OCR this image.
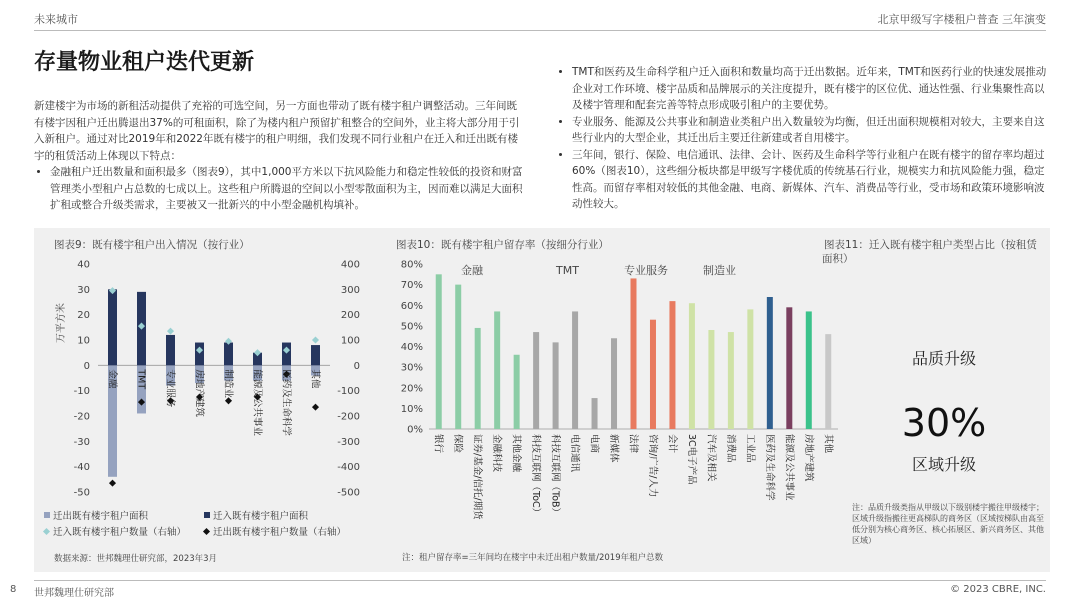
未来城市	北京甲级写字楼租户普查 三年演变
存量物业租户迭代更新
新建楼宇为市场的新租活动提供了充裕的可选空间，另一方面也带动了既有楼宇租户调整活动。三年间既有楼宇因租户迁出腾退出37%的可租面积，除了为楼内租户预留扩租整合的空间外，业主将大部分用于引入新租户。通过对比2019年和2022年既有楼宇的租户明细，我们发现不同行业租户在迁入和迁出既有楼宇的租赁活动上体现以下特点：
• 金融租户迁出数量和面积最多（图表9），其中1,000平方米以下抗风险能力和稳定性较低的投资和财富管理类小型租户占总数的七成以上。这些租户所腾退的空间以小型零散面积为主，因而难以满足大面积扩租或整合升级类需求，主要被又一批新兴的中小型金融机构填补。
• TMT和医药及生命科学租户迁入面积和数量均高于迁出数据。近年来，TMT和医药行业的快速发展推动企业对工作环境、楼宇品质和品牌展示的关注度提升，既有楼宇的区位优、通达性强、行业集聚性高以及楼宇管理和配套完善等特点形成吸引租户的主要优势。
• 专业服务、能源及公共事业和制造业类租户出入数量较为均衡，但迁出面积规模相对较大，主要来自这些行业内的大型企业，其迁出后主要迁往新建或者自用楼宇。
• 三年间，银行、保险、电信通讯、法律、会计、医药及生命科学等行业租户在既有楼宇的留存率均超过60%（图表10），这些细分板块都是甲级写字楼优质的传统基石行业，规模实力和抗风险能力强，稳定性高。而留存率相对较低的其他金融、电商、新媒体、汽车、消费品等行业，受市场和政策环境影响波动性较大。
图表9：既有楼宇租户出入情况（按行业）
万平方米
40
30
20
10
0
-10
-20
-30
-40
-50
400
300
200
100
0
-100
-200
-300
-400
-500
金融 TMT 专业服务 房地产建筑 制造业 能源及公共事业 医药及生命科学 其他
迁出既有楼宇租户面积	迁入既有楼宇租户面积
迁入既有楼宇租户数量（右轴）	迁出既有楼宇租户数量（右轴）
数据来源：世邦魏理仕研究部，2023年3月
图表10：既有楼宇租户留存率（按细分行业）
金融	TMT	专业服务	制造业
80%
70%
60%
50%
40%
30%
20%
10%
0%
银行 保险 证券/基金/信托/期货 金融科技 其他金融 科技互联网（ToC） 科技互联网（ToB） 电信通讯 电商 新媒体 法律 咨询/广告/人力 会计 3C电子产品 汽车及相关 消费品 工业品 医药及生命科学 能源及公共事业 房地产建筑 其他
注：租户留存率=三年间均在楼宇中未迁出租户数量/2019年租户总数
图表11：迁入既有楼宇租户类型占比（按租赁面积）
品质升级
30%
区域升级
注：品质升级类指从甲级以下级别楼宇搬往甲级楼宇；区域升级指搬往更高梯队的商务区（区域按梯队由高至低分别为核心商务区、核心拓展区、新兴商务区、其他区域）
8 世邦魏理仕研究部	© 2023 CBRE, INC.
